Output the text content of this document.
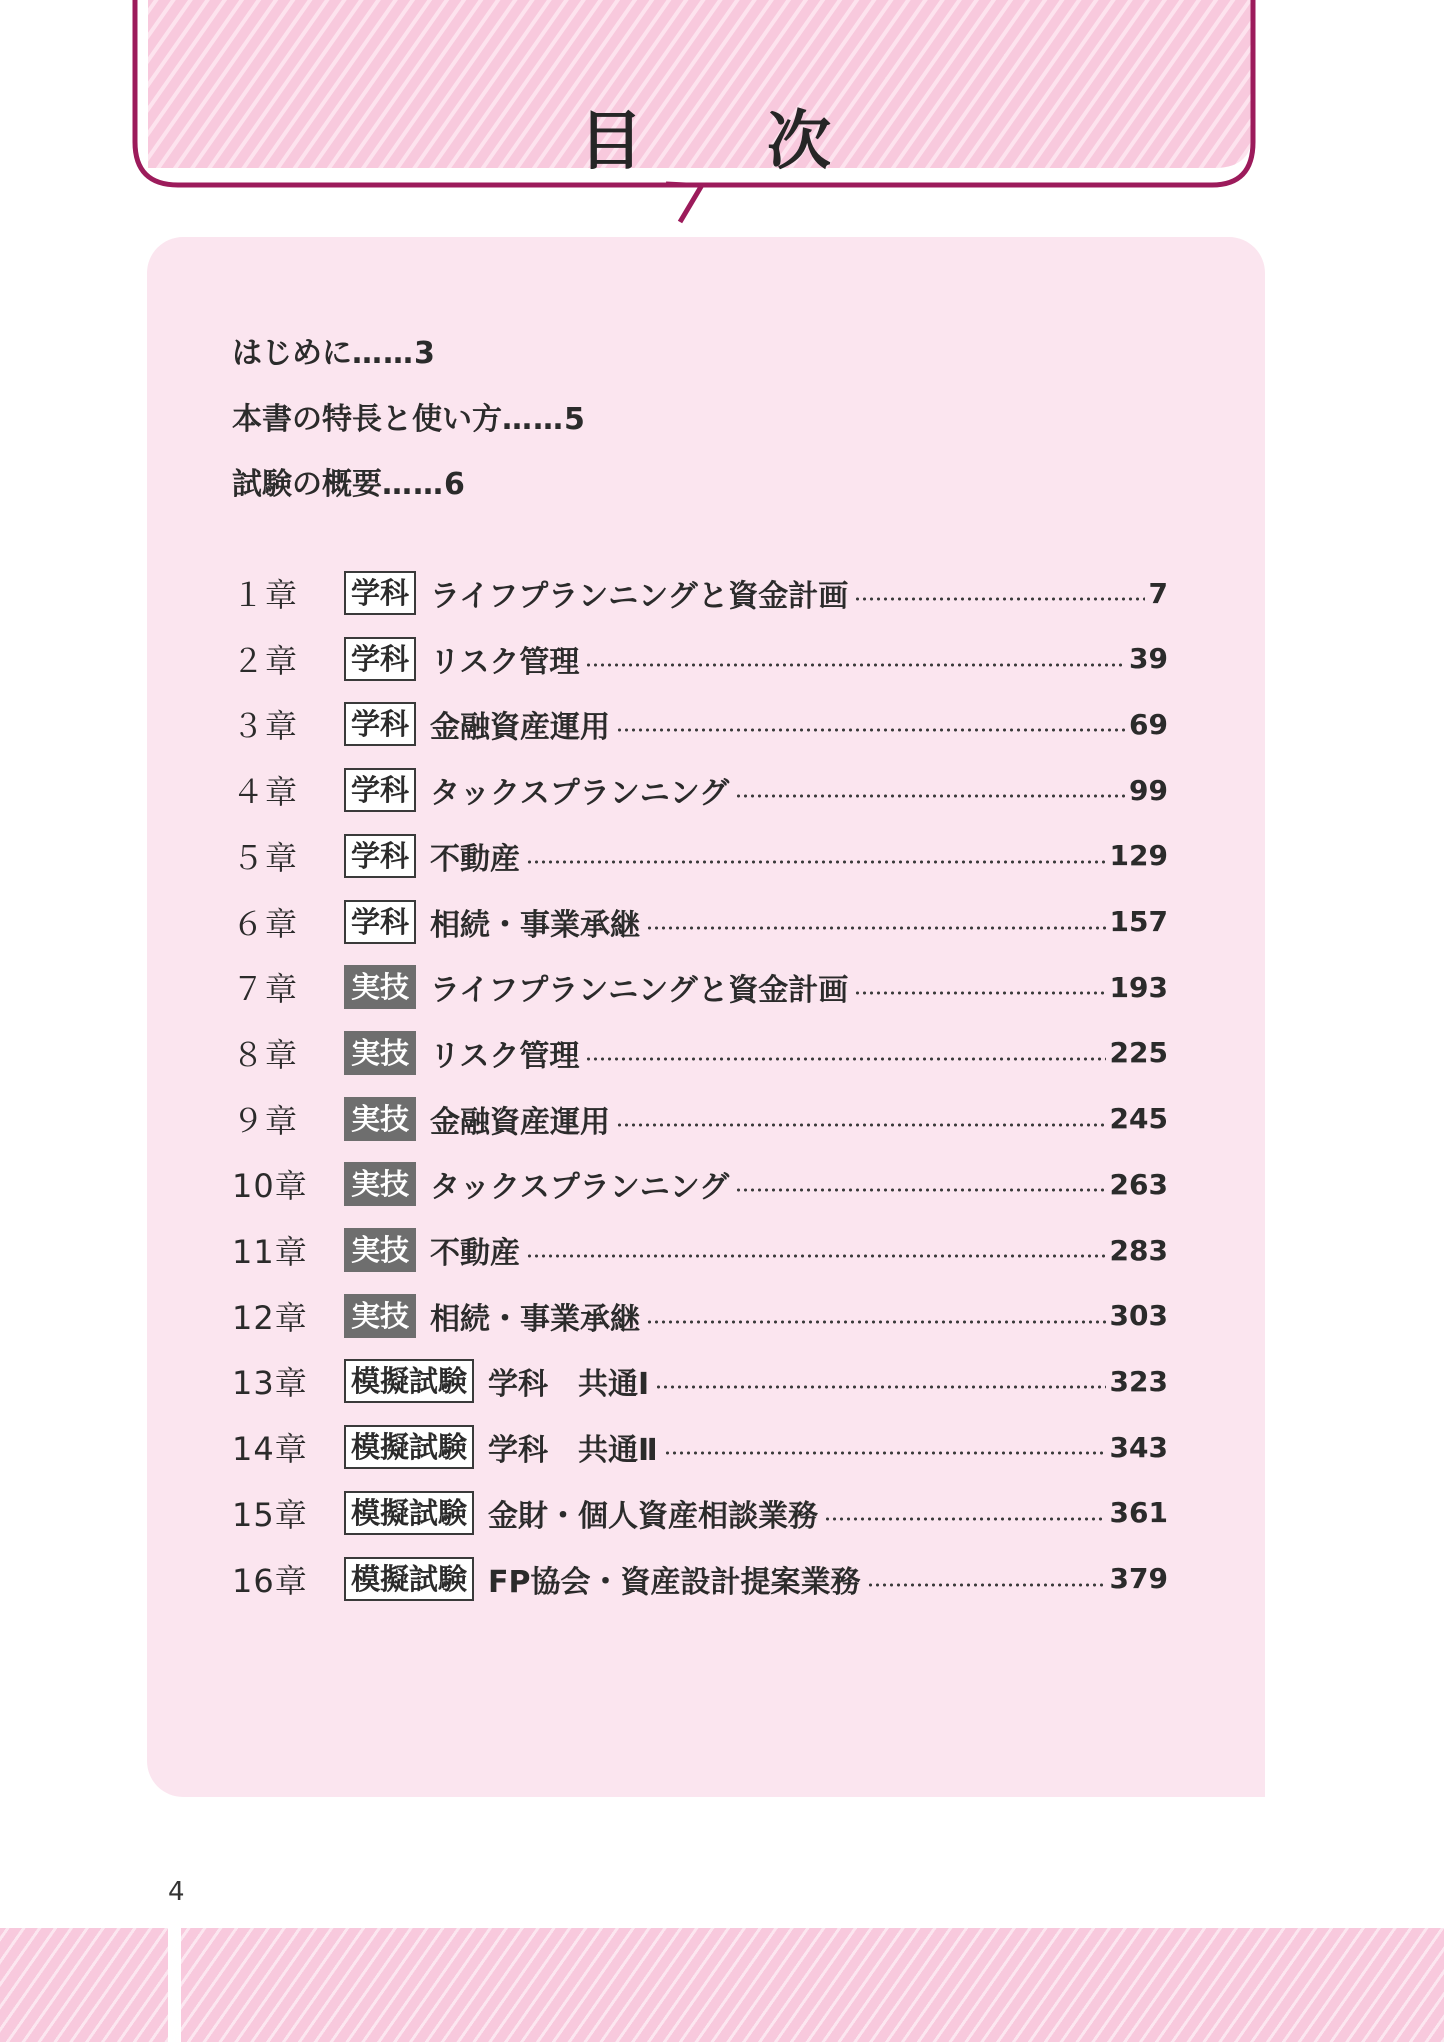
目　次
はじめに……3
本書の特長と使い方……5
試験の概要……6
１章	学科 ライフプランニングと資金計画	7
２章	学科 リスク管理	39
３章	学科 金融資産運用	69
４章	学科 タックスプランニング	99
５章	学科 不動産	129
６章	学科 相続・事業承継	157
７章	実技 ライフプランニングと資金計画	193
８章	実技 リスク管理	225
９章	実技 金融資産運用	245
10章	実技 タックスプランニング	263
11章	実技 不動産	283
12章	実技 相続・事業承継	303
13章	模擬試験 学科　共通Ⅰ	323
14章	模擬試験 学科　共通Ⅱ	343
15章	模擬試験 金財・個人資産相談業務	361
16章	模擬試験 FP協会・資産設計提案業務	379
4
